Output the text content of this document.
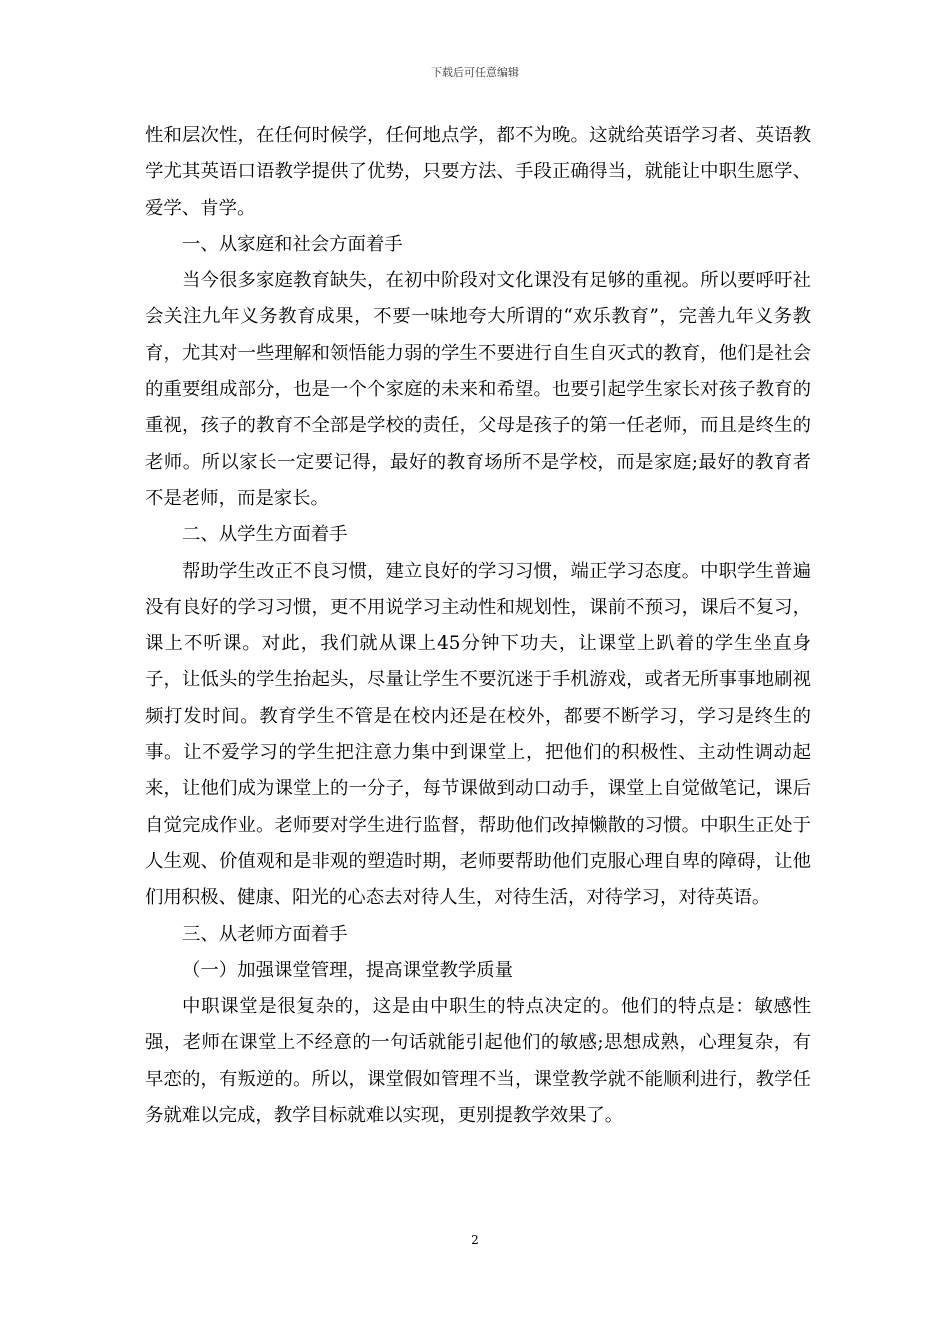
下载后可任意编辑

性和层次性，在任何时候学，任何地点学，都不为晚。这就给英语学习者、英语教学尤其英语口语教学提供了优势，只要方法、手段正确得当，就能让中职生愿学、爱学、肯学。

一、从家庭和社会方面着手

当今很多家庭教育缺失，在初中阶段对文化课没有足够的重视。所以要呼吁社会关注九年义务教育成果，不要一味地夸大所谓的“欢乐教育”，完善九年义务教育，尤其对一些理解和领悟能力弱的学生不要进行自生自灭式的教育，他们是社会的重要组成部分，也是一个个家庭的未来和希望。也要引起学生家长对孩子教育的重视，孩子的教育不全部是学校的责任，父母是孩子的第一任老师，而且是终生的老师。所以家长一定要记得，最好的教育场所不是学校，而是家庭;最好的教育者不是老师，而是家长。

二、从学生方面着手

帮助学生改正不良习惯，建立良好的学习习惯，端正学习态度。中职学生普遍没有良好的学习习惯，更不用说学习主动性和规划性，课前不预习，课后不复习，课上不听课。对此，我们就从课上45分钟下功夫，让课堂上趴着的学生坐直身子，让低头的学生抬起头，尽量让学生不要沉迷于手机游戏，或者无所事事地刷视频打发时间。教育学生不管是在校内还是在校外，都要不断学习，学习是终生的事。让不爱学习的学生把注意力集中到课堂上，把他们的积极性、主动性调动起来，让他们成为课堂上的一分子，每节课做到动口动手，课堂上自觉做笔记，课后自觉完成作业。老师要对学生进行监督，帮助他们改掉懒散的习惯。中职生正处于人生观、价值观和是非观的塑造时期，老师要帮助他们克服心理自卑的障碍，让他们用积极、健康、阳光的心态去对待人生，对待生活，对待学习，对待英语。

三、从老师方面着手

（一）加强课堂管理，提高课堂教学质量

中职课堂是很复杂的，这是由中职生的特点决定的。他们的特点是：敏感性强，老师在课堂上不经意的一句话就能引起他们的敏感;思想成熟，心理复杂，有早恋的，有叛逆的。所以，课堂假如管理不当，课堂教学就不能顺利进行，教学任务就难以完成，教学目标就难以实现，更别提教学效果了。

2
